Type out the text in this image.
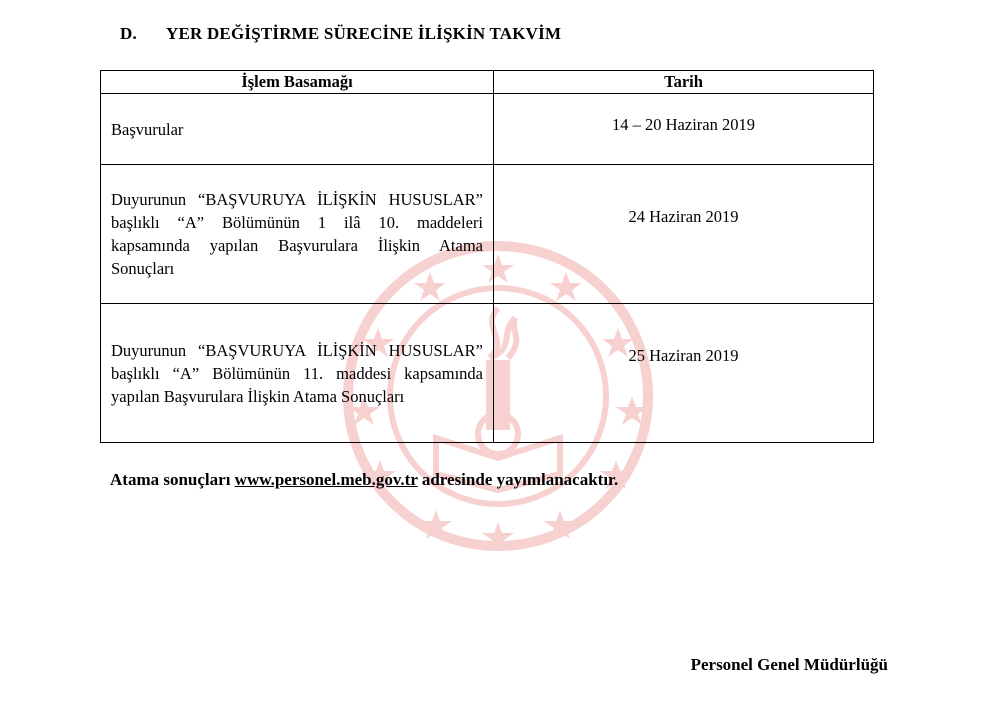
D. YER DEĞİŞTİRME SÜRECİNE İLİŞKİN TAKVİM
İşlem Basamağı	Tarih
Başvurular	14 – 20 Haziran 2019
Duyurunun “BAŞVURUYA İLİŞKİN HUSUSLAR” başlıklı “A” Bölümünün 1 ilâ 10. maddeleri kapsamında yapılan Başvurulara İlişkin Atama Sonuçları	24 Haziran 2019
Duyurunun “BAŞVURUYA İLİŞKİN HUSUSLAR” başlıklı “A” Bölümünün 11. maddesi kapsamında yapılan Başvurulara İlişkin Atama Sonuçları	25 Haziran 2019
Atama sonuçları www.personel.meb.gov.tr adresinde yayımlanacaktır.
Personel Genel Müdürlüğü
